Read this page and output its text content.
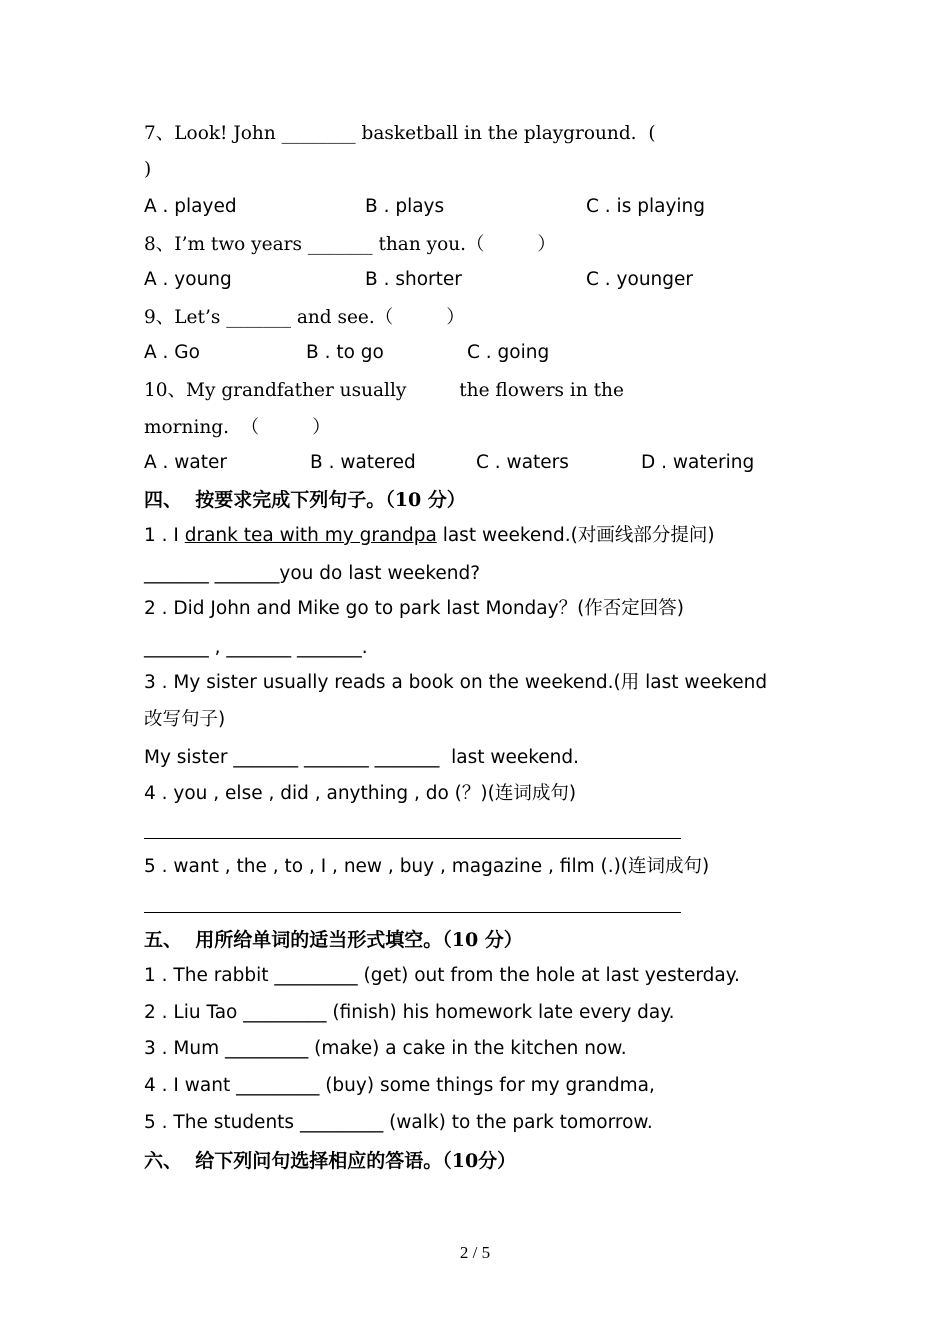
7、Look! John ________ basketball in the playground.  (
)
A . played	B . plays	C . is playing
8、I’m two years _______ than you.（         ）
A . young	B . shorter	C . younger
9、Let’s _______ and see.（         ）
A . Go	B . to go	C . going
10、My grandfather usually         the flowers in the
morning.  （         ）
A . water	B . watered	C . waters	D . watering
四、  按要求完成下列句子。（10 分）
1 . I drank tea with my grandpa last weekend.(对画线部分提问)
_______ _______you do last weekend?
2 . Did John and Mike go to park last Monday？(作否定回答)
_______ , _______ _______.
3 . My sister usually reads a book on the weekend.(用 last weekend
改写句子)
My sister _______ _______ _______  last weekend.
4 . you , else , did , anything , do (？)(连词成句)
5 . want , the , to , I , new , buy , magazine , film (.)(连词成句)
五、  用所给单词的适当形式填空。（10 分）
1 . The rabbit _________ (get) out from the hole at last yesterday.
2 . Liu Tao _________ (finish) his homework late every day.
3 . Mum _________ (make) a cake in the kitchen now.
4 . I want _________ (buy) some things for my grandma,
5 . The students _________ (walk) to the park tomorrow.
六、  给下列问句选择相应的答语。（10分）
2 / 5
